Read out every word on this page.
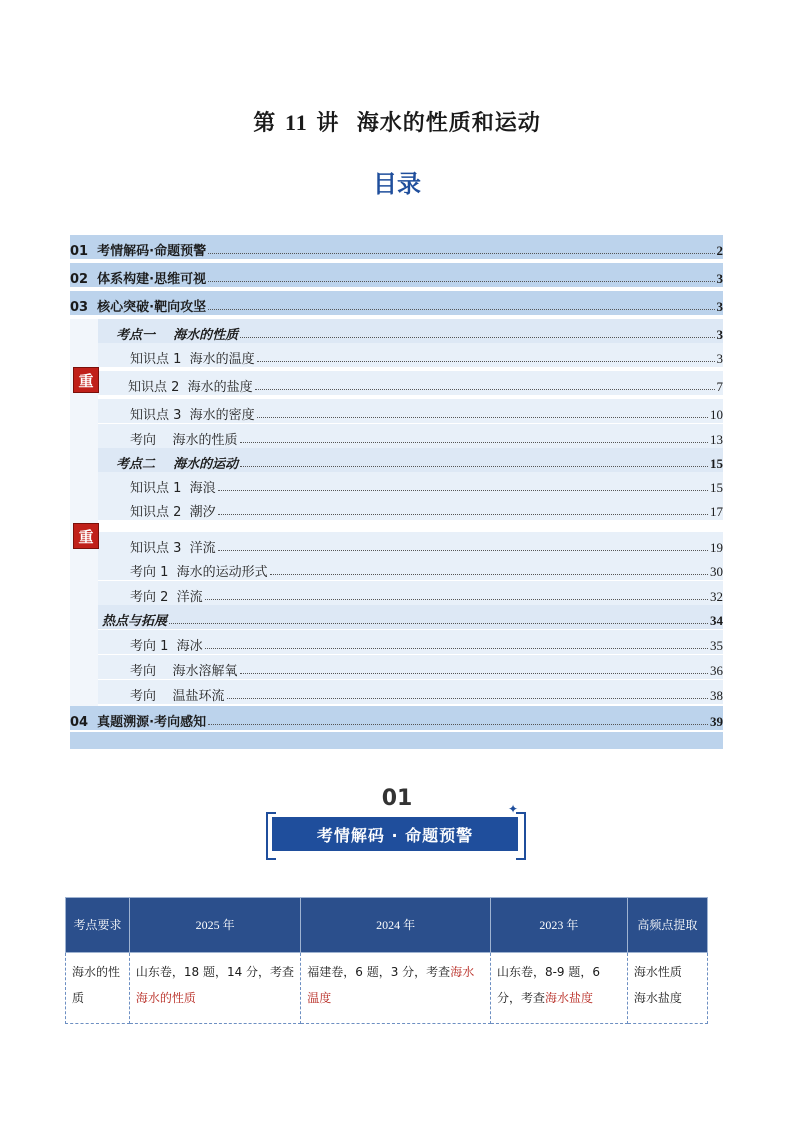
第 11 讲  海水的性质和运动
目录
01  考情解码·命题预警	2
02  体系构建·思维可视	3
03  核心突破·靶向攻坚	3
考点一    海水的性质	3
知识点 1  海水的温度	3
知识点 2  海水的盐度	7
知识点 3  海水的密度	10
考向    海水的性质	13
考点二    海水的运动	15
知识点 1  海浪	15
知识点 2  潮汐	17
知识点 3  洋流	19
考向 1  海水的运动形式	30
考向 2  洋流	32
热点与拓展	34
考向 1  海冰	35
考向    海水溶解氧	36
考向    温盐环流	38
04  真题溯源·考向感知	39
重
重
01
考情解码 · 命题预警
✦
考点要求	2025 年	2024 年	2023 年	高频点提取
海水的性质	山东卷，18 题，14 分，考查海水的性质	福建卷，6 题，3 分，考查海水温度	山东卷，8-9 题，6 分，考查海水盐度	海水性质
海水盐度
